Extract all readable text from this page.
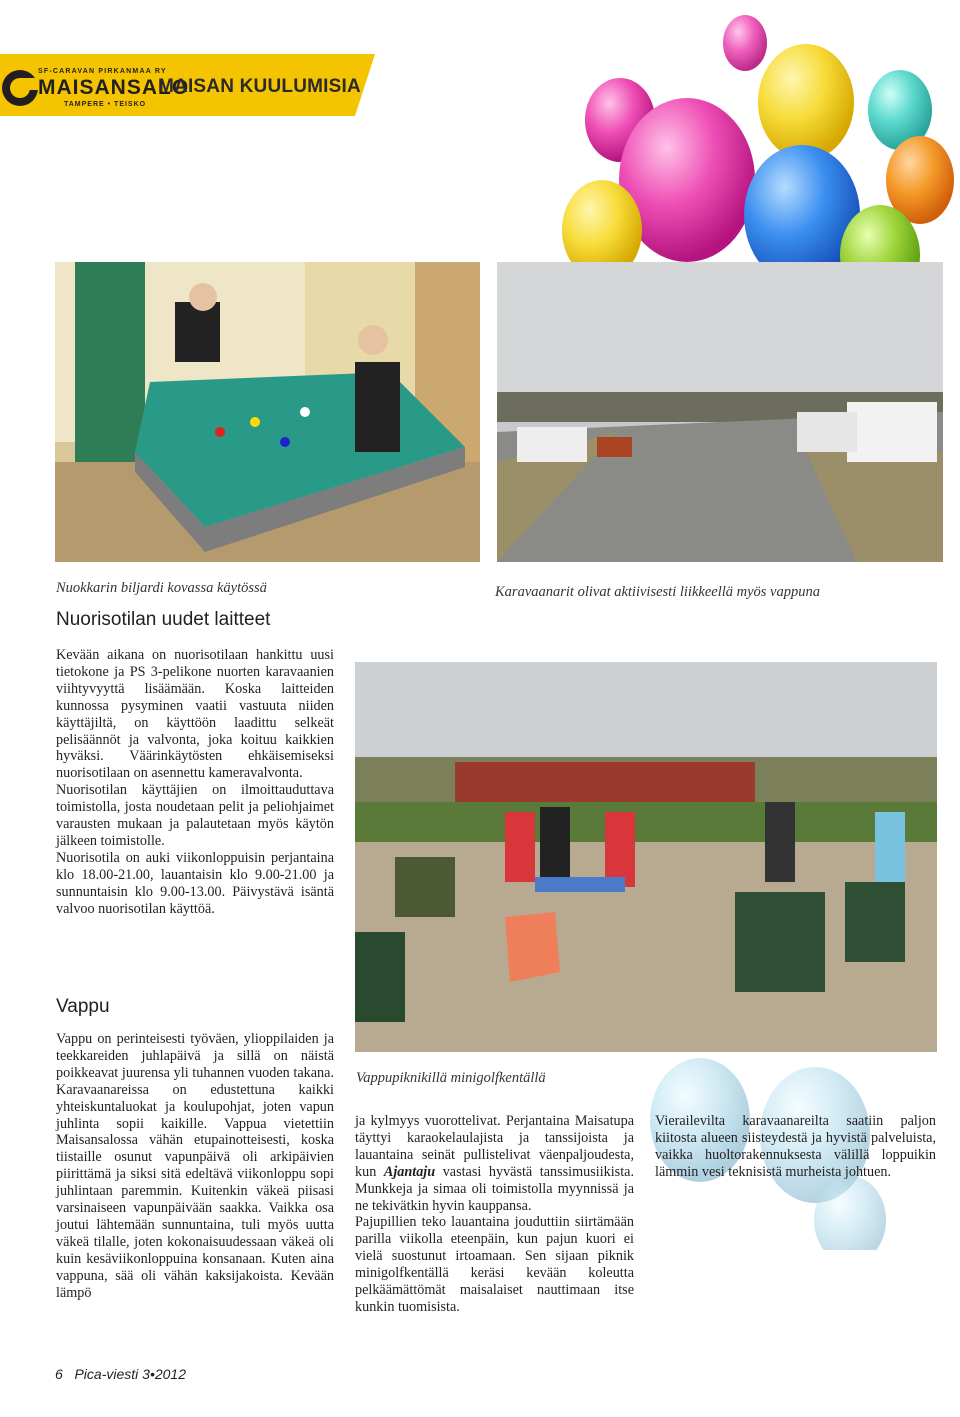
SF-CARAVAN PIRKANMAA RY
MAISANSALO
TAMPERE • TEISKO
MAISAN KUULUMISIA
Nuokkarin biljardi kovassa käytössä	Karavaanarit olivat aktiivisesti liikkeellä myös vappuna
Nuorisotilan uudet laitteet

Kevään aikana on nuorisotilaan hankittu uusi tietokone ja PS 3-pelikone nuorten karavaanien viihtyvyyttä lisäämään. Koska laitteiden kunnossa pysyminen vaatii vastuuta niiden käyttäjiltä, on käyttöön laadittu selkeät pelisäännöt ja valvonta, joka koituu kaikkien hyväksi. Väärinkäytösten ehkäisemiseksi nuorisotilaan on asennettu kameravalvonta.

Nuorisotilan käyttäjien on ilmoittauduttava toimistolla, josta noudetaan pelit ja peliohjaimet varausten mukaan ja palautetaan myös käytön jälkeen toimistolle.

Nuorisotila on auki viikonloppuisin perjantaina klo 18.00-21.00, lauantaisin klo 9.00-21.00 ja sunnuntaisin klo 9.00-13.00. Päivystävä isäntä valvoo nuorisotilan käyttöä.

Vappu

Vappu on perinteisesti työväen, ylioppilaiden ja teekkareiden juhlapäivä ja sillä on näistä poikkeavat juurensa yli tuhannen vuoden takana. Karavaanareissa on edustettuna kaikki yhteiskuntaluokat ja koulupohjat, joten vapun juhlinta sopii kaikille. Vappua vietettiin Maisansalossa vähän etupainotteisesti, koska tiistaille osunut vapunpäivä oli arkipäivien piirittämä ja siksi sitä edeltävä viikonloppu sopi juhlintaan paremmin. Kuitenkin väkeä piisasi varsinaiseen vapunpäivään saakka. Vaikka osa joutui lähtemään sunnuntaina, tuli myös uutta väkeä tilalle, joten kokonaisuudessaan väkeä oli kuin kesäviikonloppuina konsanaan. Kuten aina vappuna, sää oli vähän kaksijakoista. Kevään lämpö

Vappupiknikillä minigolfkentällä

ja kylmyys vuorottelivat. Perjantaina Maisatupa täyttyi karaokelaulajista ja tanssijoista ja lauantaina seinät pullistelivat väenpaljoudesta, kun Ajantaju vastasi hyvästä tanssimusiikista. Munkkeja ja simaa oli toimistolla myynnissä ja ne tekivätkin hyvin kauppansa.

Pajupillien teko lauantaina jouduttiin siirtämään parilla viikolla eteenpäin, kun pajun kuori ei vielä suostunut irtoamaan. Sen sijaan piknik minigolfkentällä keräsi kevään koleutta pelkäämättömät maisalaiset nauttimaan itse kunkin tuomisista.

Vierailevilta karavaanareilta saatiin paljon kiitosta alueen siisteydestä ja hyvistä palveluista, vaikka huoltorakennuksesta välillä loppuikin lämmin vesi teknisistä murheista johtuen.

6 Pica-viesti 3•2012
